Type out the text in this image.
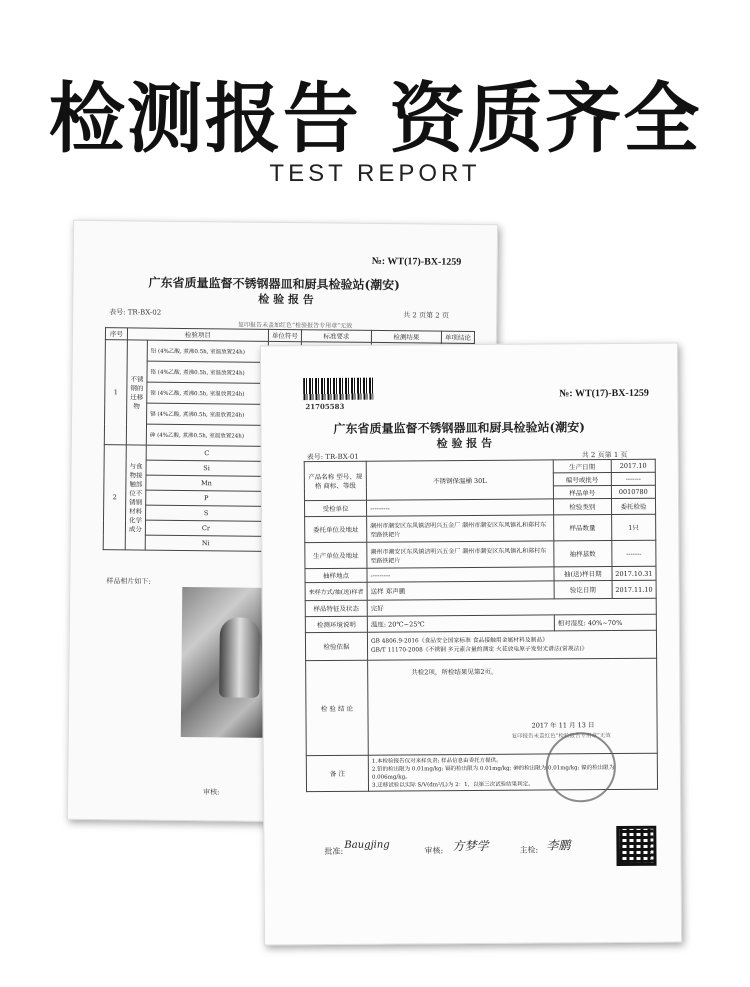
检测报告 资质齐全
TEST REPORT
№: WT(17)-BX-1259
广东省质量监督不锈钢器皿和厨具检验站(潮安)
检 验 报 告
表号: TR-BX-02	共 2 页第 2 页
复印报告未盖加红色“检验报告专用章”无效
序号	检验项目		单位符号	标准要求	检测结果	单项结论
1	不锈钢的迁移物	铅 (4%乙酸, 煮沸0.5h, 室温放置24h)				
		铬 (4%乙酸, 煮沸0.5h, 室温放置24h)				
		镍 (4%乙酸, 煮沸0.5h, 室温放置24h)				
		镉 (4%乙酸, 煮沸0.5h, 室温放置24h)				
		砷 (4%乙酸, 煮沸0.5h, 室温放置24h)				
2	与食物接触部位不锈钢材料化学成分	C				
		Si				
		Mn				
		P				
		S				
		Cr				
		Ni				
样品相片如下:
审核:
21705583
№: WT(17)-BX-1259
广东省质量监督不锈钢器皿和厨具检验站(潮安)
检 验 报 告
表号: TR-BX-01	共 2 页第 1 页
产品名称 型号、规格 商标、等级	不锈钢保温桶 30L	生产日期	2017.10
		编号或批号	-------
		样品单号	0010780
受检单位	---------	检验类别	委托检验
委托单位及地址	潮州市潮安区东凤镇洁明兴五金厂 潮州市潮安区东凤镇礼和郑村东至路铁耙片	样品数量	1只
生产单位及地址	潮州市潮安区东凤镇洁明兴五金厂 潮州市潮安区东凤镇礼和郑村东至路铁耙片	抽样基数	-------
抽样地点	---------	抽(送)样日期	2017.10.31
来样方式/抽(送)样者	送样 郑声鹏	验讫日期	2017.11.10
样品特征及状态	完好		
检测环境说明	温度: 20℃~25℃	相对湿度: 40%~70%	
检验依据	GB 4806.9-2016《食品安全国家标准 食品接触用金属材料及制品》
GB/T 11170-2008《不锈钢 多元素含量的测定 火花放电原子发射光谱法(常规法)》		

检 验 结 论	共检2项，所检结果见第2页。
2017 年 11 月 13 日
复印报告未盖红色“检验报告专用章”无效		

备 注	1.本检验报告仅对来样负责; 样品信息由委托方提供。
2.铅的检出限为 0.01mg/kg; 镉的检出限为 0.01mg/kg; 砷的检出限为 0.01mg/kg; 镍的检出限为 0.006mg/kg。
3.迁移试验以实际 S/V(dm²/L)为 2：1，以第三次试验结果判定。		
批准:
Baugjing	审核: 方梦学	主检: 李鹏
